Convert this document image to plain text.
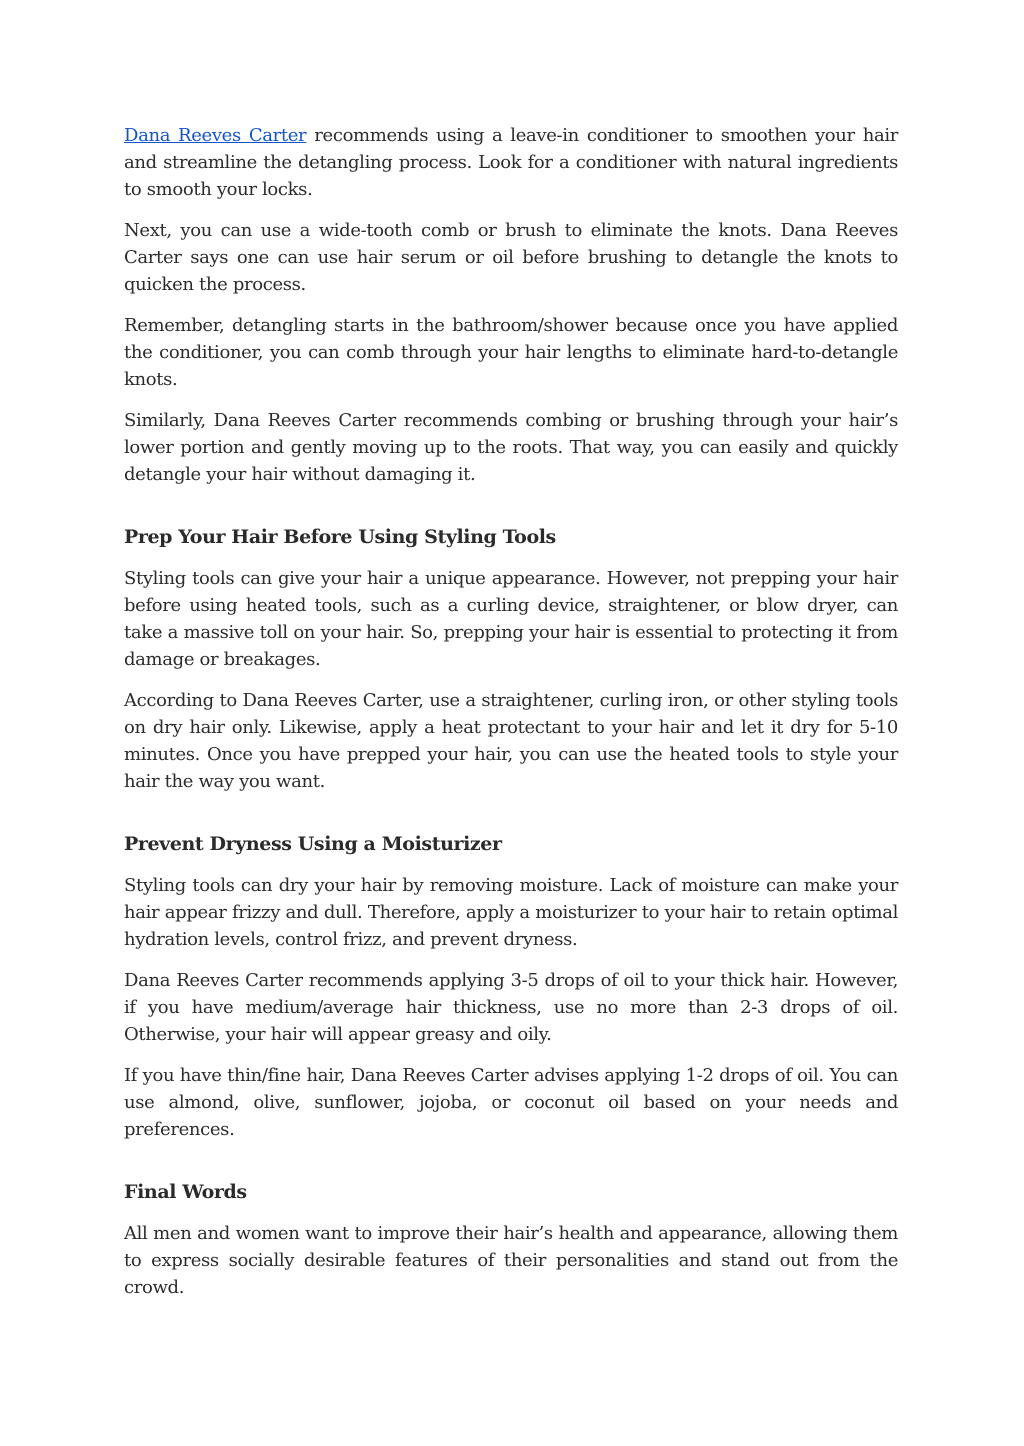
Dana Reeves Carter recommends using a leave-in conditioner to smoothen your hair and streamline the detangling process. Look for a conditioner with natural ingredients to smooth your locks.

Next, you can use a wide-tooth comb or brush to eliminate the knots. Dana Reeves Carter says one can use hair serum or oil before brushing to detangle the knots to quicken the process.

Remember, detangling starts in the bathroom/shower because once you have applied the conditioner, you can comb through your hair lengths to eliminate hard-to-detangle knots.

Similarly, Dana Reeves Carter recommends combing or brushing through your hair’s lower portion and gently moving up to the roots. That way, you can easily and quickly detangle your hair without damaging it.

Prep Your Hair Before Using Styling Tools

Styling tools can give your hair a unique appearance. However, not prepping your hair before using heated tools, such as a curling device, straightener, or blow dryer, can take a massive toll on your hair. So, prepping your hair is essential to protecting it from damage or breakages.

According to Dana Reeves Carter, use a straightener, curling iron, or other styling tools on dry hair only. Likewise, apply a heat protectant to your hair and let it dry for 5-10 minutes. Once you have prepped your hair, you can use the heated tools to style your hair the way you want.

Prevent Dryness Using a Moisturizer

Styling tools can dry your hair by removing moisture. Lack of moisture can make your hair appear frizzy and dull. Therefore, apply a moisturizer to your hair to retain optimal hydration levels, control frizz, and prevent dryness.

Dana Reeves Carter recommends applying 3-5 drops of oil to your thick hair. However, if you have medium/average hair thickness, use no more than 2-3 drops of oil. Otherwise, your hair will appear greasy and oily.

If you have thin/fine hair, Dana Reeves Carter advises applying 1-2 drops of oil. You can use almond, olive, sunflower, jojoba, or coconut oil based on your needs and preferences.

Final Words

All men and women want to improve their hair’s health and appearance, allowing them to express socially desirable features of their personalities and stand out from the crowd.
